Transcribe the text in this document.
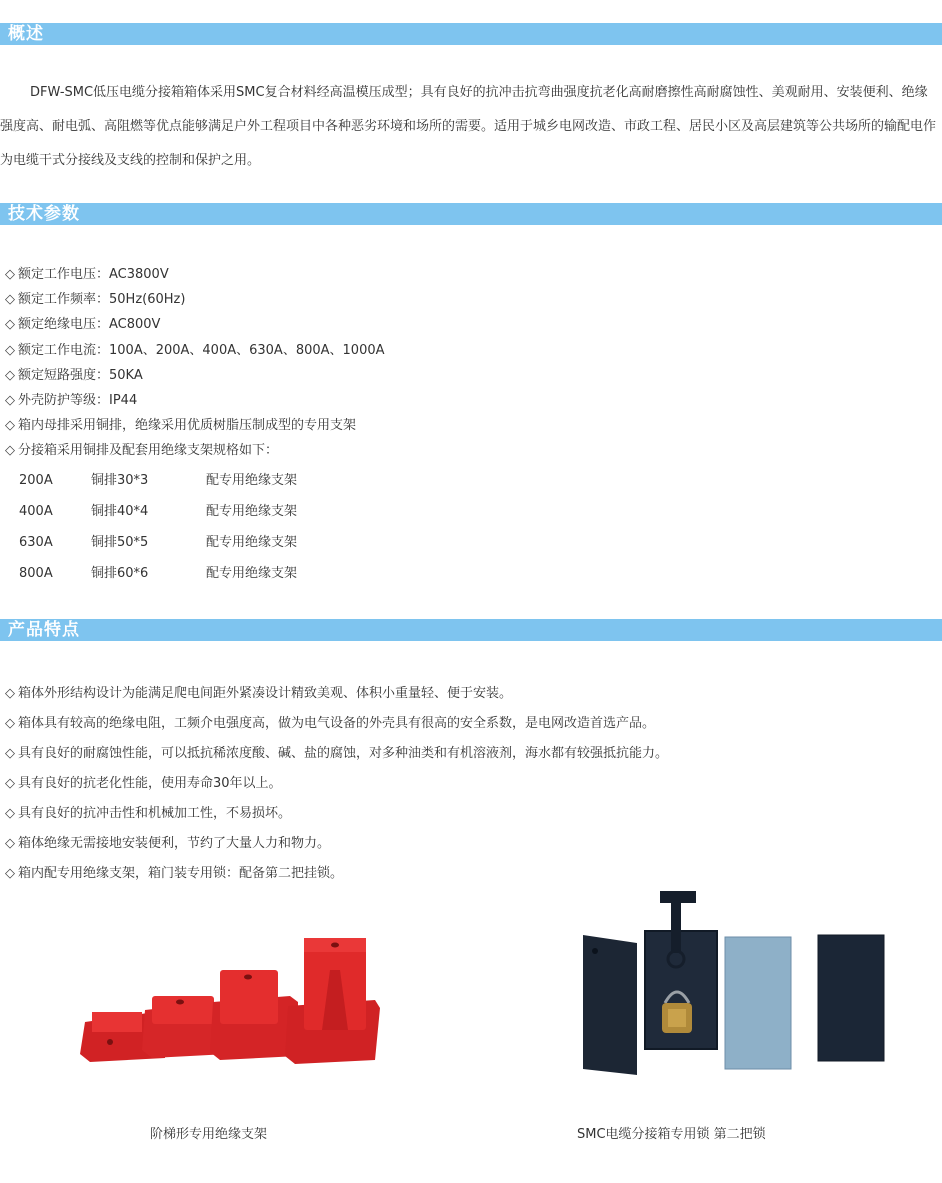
概述

DFW-SMC低压电缆分接箱箱体采用SMC复合材料经高温模压成型；具有良好的抗冲击抗弯曲强度抗老化高耐磨擦性高耐腐蚀性、美观耐用、安装便利、绝缘强度高、耐电弧、高阻燃等优点能够满足户外工程项目中各种恶劣环境和场所的需要。适用于城乡电网改造、市政工程、居民小区及高层建筑等公共场所的输配电作为电缆干式分接线及支线的控制和保护之用。

技术参数
◇ 额定工作电压：AC3800V
◇ 额定工作频率：50Hz(60Hz)
◇ 额定绝缘电压：AC800V
◇ 额定工作电流：100A、200A、400A、630A、800A、1000A
◇ 额定短路强度：50KA
◇ 外壳防护等级：IP44
◇ 箱内母排采用铜排，绝缘采用优质树脂压制成型的专用支架
◇ 分接箱采用铜排及配套用绝缘支架规格如下：
200A	铜排30*3	配专用绝缘支架
400A	铜排40*4	配专用绝缘支架
630A	铜排50*5	配专用绝缘支架
800A	铜排60*6	配专用绝缘支架
产品特点
◇ 箱体外形结构设计为能满足爬电间距外紧凑设计精致美观、体积小重量轻、便于安装。
◇ 箱体具有较高的绝缘电阻，工频介电强度高，做为电气设备的外壳具有很高的安全系数，是电网改造首选产品。
◇ 具有良好的耐腐蚀性能，可以抵抗稀浓度酸、碱、盐的腐蚀，对多种油类和有机溶液剂，海水都有较强抵抗能力。
◇ 具有良好的抗老化性能，使用寿命30年以上。
◇ 具有良好的抗冲击性和机械加工性，不易损坏。
◇ 箱体绝缘无需接地安装便利，节约了大量人力和物力。
◇ 箱内配专用绝缘支架，箱门装专用锁：配备第二把挂锁。
阶梯形专用绝缘支架	SMC电缆分接箱专用锁 第二把锁
